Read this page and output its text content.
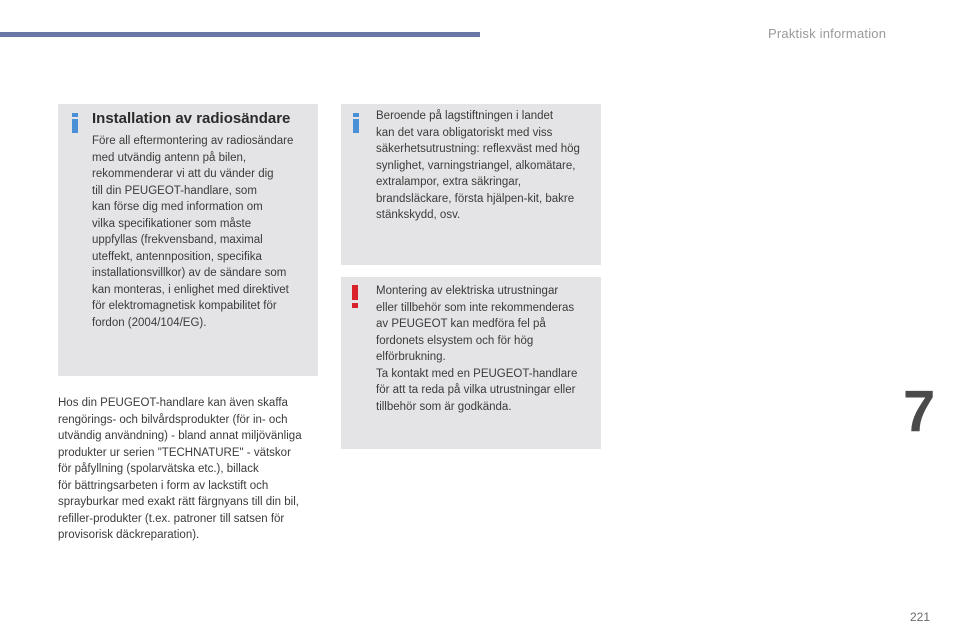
Praktisk information
Installation av radiosändare

Före all eftermontering av radiosändare
med utvändig antenn på bilen,
rekommenderar vi att du vänder dig
till din PEUGEOT-handlare, som
kan förse dig med information om
vilka specifikationer som måste
uppfyllas (frekvensband, maximal
uteffekt, antennposition, specifika
installationsvillkor) av de sändare som
kan monteras, i enlighet med direktivet
för elektromagnetisk kompabilitet för
fordon (2004/104/EG).

Hos din PEUGEOT-handlare kan även skaffa
rengörings- och bilvårdsprodukter (för in- och
utvändig användning) - bland annat miljövänliga
produkter ur serien "TECHNATURE" - vätskor
för påfyllning (spolarvätska etc.), billack
för bättringsarbeten i form av lackstift och
sprayburkar med exakt rätt färgnyans till din bil,
refiller-produkter (t.ex. patroner till satsen för
provisorisk däckreparation).

Beroende på lagstiftningen i landet
kan det vara obligatoriskt med viss
säkerhetsutrustning: reflexväst med hög
synlighet, varningstriangel, alkomätare,
extralampor, extra säkringar,
brandsläckare, första hjälpen-kit, bakre
stänkskydd, osv.

Montering av elektriska utrustningar
eller tillbehör som inte rekommenderas
av PEUGEOT kan medföra fel på
fordonets elsystem och för hög
elförbrukning.
Ta kontakt med en PEUGEOT-handlare
för att ta reda på vilka utrustningar eller
tillbehör som är godkända.	7
221
